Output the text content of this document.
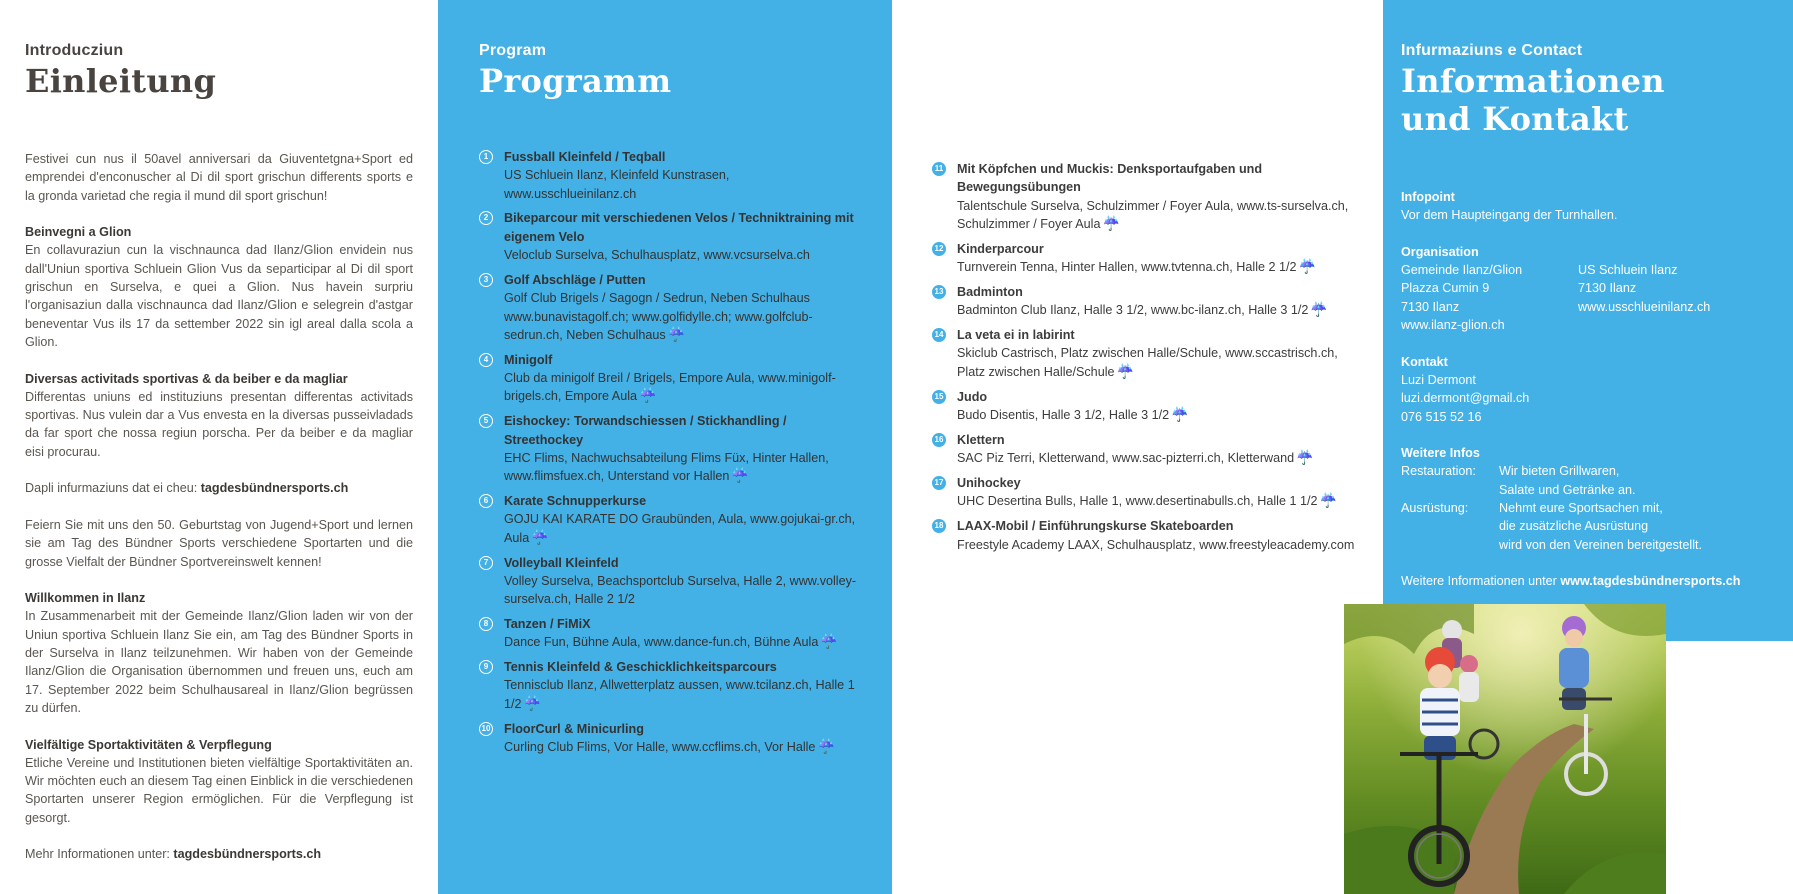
Introducziun
Einleitung

Festivei cun nus il 50avel anniversari da Giuventetgna+Sport ed emprendei d'enconuscher al Di dil sport grischun differents sports e la gronda varietad che regia il mund dil sport grischun!

Beinvegni a Glion
En collavuraziun cun la vischnaunca dad Ilanz/Glion envidein nus dall'Uniun sportiva Schluein Glion Vus da separticipar al Di dil sport grischun en Surselva, e quei a Glion. Nus havein surpriu l'organisaziun dalla vischnaunca dad Ilanz/Glion e selegrein d'astgar beneventar Vus ils 17 da settember 2022 sin igl areal dalla scola a Glion.

Diversas activitads sportivas & da beiber e da magliar
Differentas uniuns ed instituziuns presentan differentas activitads sportivas. Nus vulein dar a Vus envesta en la diversas pusseivladads da far sport che nossa regiun porscha. Per da beiber e da magliar eisi procurau.

Dapli infurmaziuns dat ei cheu: tagdesbündnersports.ch

Feiern Sie mit uns den 50. Geburtstag von Jugend+Sport und lernen sie am Tag des Bündner Sports verschiedene Sportarten und die grosse Vielfalt der Bündner Sportvereinswelt kennen!

Willkommen in Ilanz
In Zusammenarbeit mit der Gemeinde Ilanz/Glion laden wir von der Uniun sportiva Schluein Ilanz Sie ein, am Tag des Bündner Sports in der Surselva in Ilanz teilzunehmen. Wir haben von der Gemeinde Ilanz/Glion die Organisation übernommen und freuen uns, euch am 17. September 2022 beim Schulhausareal in Ilanz/Glion begrüssen zu dürfen.

Vielfältige Sportaktivitäten & Verpflegung
Etliche Vereine und Institutionen bieten vielfältige Sportaktivitäten an. Wir möchten euch an diesem Tag einen Einblick in die verschiedenen Sportarten unserer Region ermöglichen. Für die Verpflegung ist gesorgt.

Mehr Informationen unter: tagdesbündnersports.ch

Program
Programm
1	Fussball Kleinfeld / Teqball
US Schluein Ilanz, Kleinfeld Kunstrasen, www.usschlueinilanz.ch
2	Bikeparcour mit verschiedenen Velos / Techniktraining mit eigenem Velo
Veloclub Surselva, Schulhausplatz, www.vcsurselva.ch
3	Golf Abschläge / Putten
Golf Club Brigels / Sagogn / Sedrun, Neben Schulhaus www.bunavistagolf.ch; www.golfidylle.ch; www.golfclub-sedrun.ch, Neben Schulhaus ☔
4	Minigolf
Club da minigolf Breil / Brigels, Empore Aula, www.minigolf-brigels.ch, Empore Aula ☔
5	Eishockey: Torwandschiessen / Stickhandling / Streethockey
EHC Flims, Nachwuchsabteilung Flims Füx, Hinter Hallen, www.flimsfuex.ch, Unterstand vor Hallen ☔
6	Karate Schnupperkurse
GOJU KAI KARATE DO Graubünden, Aula, www.gojukai-gr.ch, Aula ☔
7	Volleyball Kleinfeld
Volley Surselva, Beachsportclub Surselva, Halle 2, www.volley-surselva.ch, Halle 2 1/2
8	Tanzen / FiMiX
Dance Fun, Bühne Aula, www.dance-fun.ch, Bühne Aula ☔
9	Tennis Kleinfeld & Geschicklichkeitsparcours
Tennisclub Ilanz, Allwetterplatz aussen, www.tcilanz.ch, Halle 1 1/2 ☔
10 FloorCurl & Minicurling
Curling Club Flims, Vor Halle, www.ccflims.ch, Vor Halle ☔
11 Mit Köpfchen und Muckis: Denksportaufgaben und Bewegungsübungen
Talentschule Surselva, Schulzimmer / Foyer Aula, www.ts-surselva.ch, Schulzimmer / Foyer Aula ☔
12 Kinderparcour
Turnverein Tenna, Hinter Hallen, www.tvtenna.ch, Halle 2 1/2 ☔
13 Badminton
Badminton Club Ilanz, Halle 3 1/2, www.bc-ilanz.ch, Halle 3 1/2 ☔
14 La veta ei in labirint
Skiclub Castrisch, Platz zwischen Halle/Schule, www.sccastrisch.ch, Platz zwischen Halle/Schule ☔
15 Judo
Budo Disentis, Halle 3 1/2, Halle 3 1/2 ☔
16 Klettern
SAC Piz Terri, Kletterwand, www.sac-pizterri.ch, Kletterwand ☔
17 Unihockey
UHC Desertina Bulls, Halle 1, www.desertinabulls.ch, Halle 1 1/2 ☔
18 LAAX-Mobil / Einführungskurse Skateboarden
Freestyle Academy LAAX, Schulhausplatz, www.freestyleacademy.com
Infurmaziuns e Contact
Informationen
und Kontakt
Infopoint
Vor dem Haupteingang der Turnhallen.
Organisation
Gemeinde Ilanz/Glion
Plazza Cumin 9
7130 Ilanz
www.ilanz-glion.ch
US Schluein Ilanz
7130 Ilanz
www.usschlueinilanz.ch
Kontakt
Luzi Dermont
luzi.dermont@gmail.ch
076 515 52 16
Weitere Infos
Restauration:	Wir bieten Grillwaren,
Salate und Getränke an.
Ausrüstung:	Nehmt eure Sportsachen mit,
die zusätzliche Ausrüstung
wird von den Vereinen bereitgestellt.
Weitere Informationen unter www.tagdesbündnersports.ch
